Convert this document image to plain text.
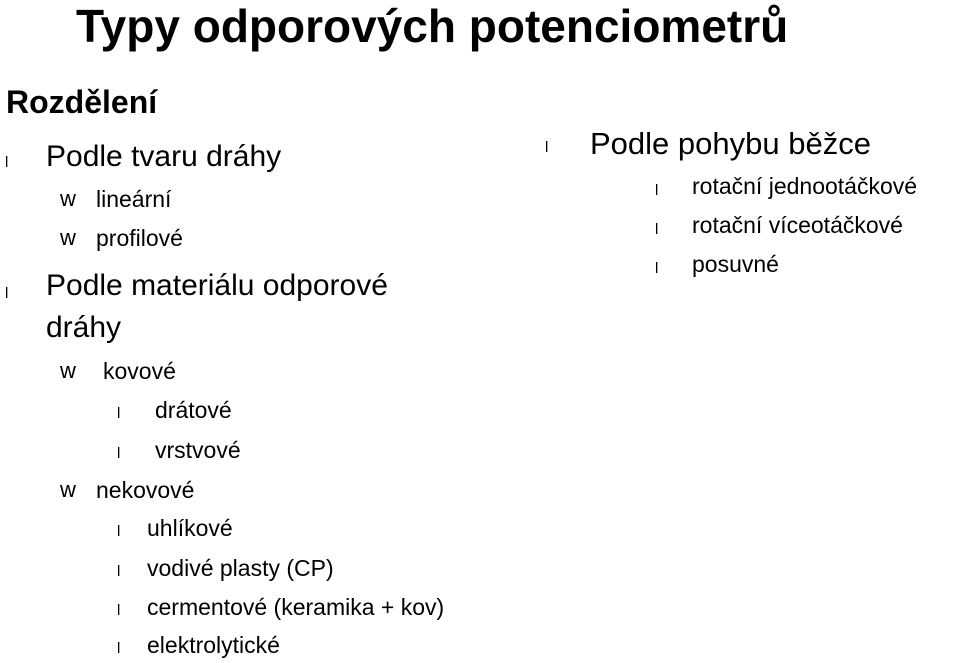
Typy odporových potenciometrů
Rozdělení
l Podle tvaru dráhy
w lineární
w profilové
l Podle materiálu odporové
dráhy
w kovové
l drátové
l vrstvové
w nekovové
l uhlíkové
l vodivé plasty (CP)
l cermentové (keramika + kov)
l elektrolytické
l Podle pohybu běžce
l rotační jednootáčkové
l rotační víceotáčkové
l posuvné
